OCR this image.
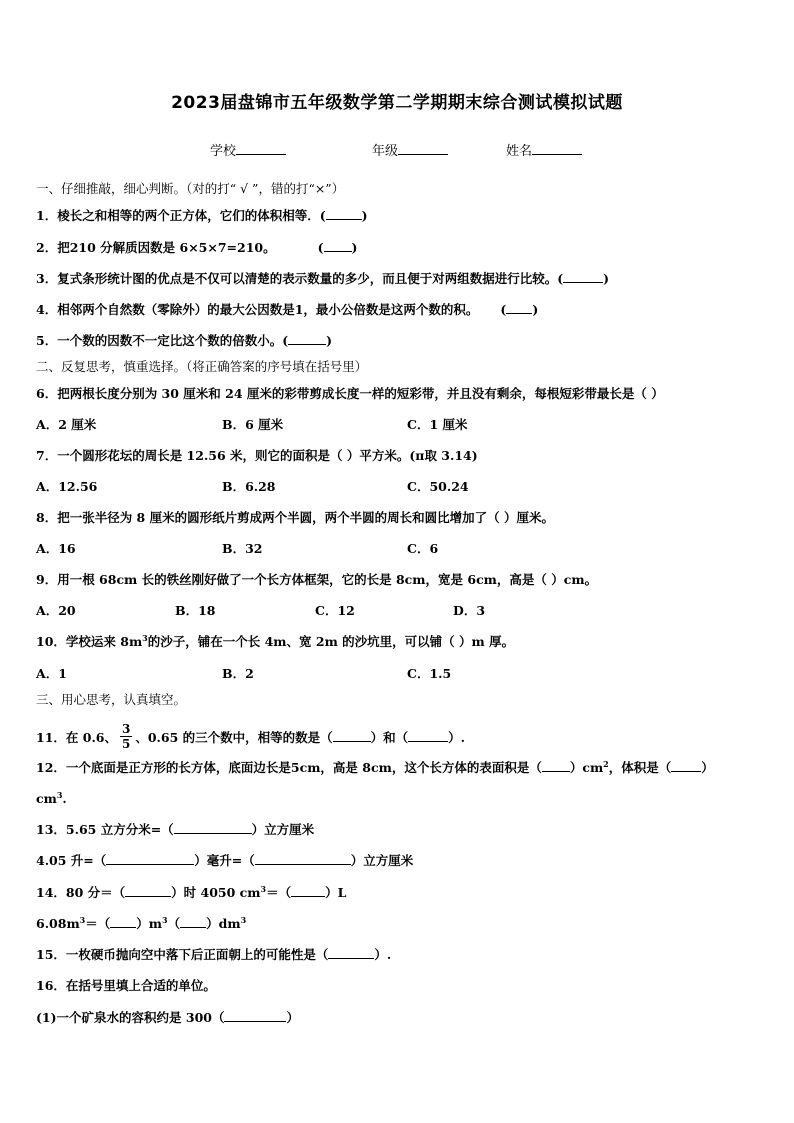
2023届盘锦市五年级数学第二学期期末综合测试模拟试题
学校	年级	姓名
一、仔细推敲，细心判断。（对的打“ √ ”，错的打“×”）
1．棱长之和相等的两个正方体，它们的体积相等．(	)
2．把210 分解质因数是 6×5×7=210。	( )
3．复式条形统计图的优点是不仅可以清楚的表示数量的多少，而且便于对两组数据进行比较。(	)
4．相邻两个自然数（零除外）的最大公因数是1，最小公倍数是这两个数的积。 ( )
5．一个数的因数不一定比这个数的倍数小。(	)
二、反复思考，慎重选择。（将正确答案的序号填在括号里）
6．把两根长度分别为 30 厘米和 24 厘米的彩带剪成长度一样的短彩带，并且没有剩余，每根短彩带最长是（ ）
A．2 厘米	B．6 厘米	C．1 厘米
7．一个圆形花坛的周长是 12.56 米，则它的面积是（ ）平方米。(π取 3.14)
A．12.56	B．6.28	C．50.24
8．把一张半径为 8 厘米的圆形纸片剪成两个半圆，两个半圆的周长和圆比增加了（ ）厘米。
A．16	B．32	C．6
9．用一根 68cm 长的铁丝刚好做了一个长方体框架，它的长是 8cm，宽是 6cm，高是（ ）cm。
A．20	B．18	C．12	D．3
10．学校运来 $8m^3$的沙子，铺在一个长 4m、宽 2m 的沙坑里，可以铺（ ）m 厚。
A．1	B．2	C．1.5
三、用心思考，认真填空。
11．在 0.6、 $\frac{3}{5}$ 、0.65 的三个数中，相等的数是（	）和（	）.
12．一个底面是正方形的长方体，底面边长是5cm，高是 8cm，这个长方体的表面积是（ ）$cm^2$，体积是（ ）
$cm^3$.
13．5.65 立方分米=（	）立方厘米
4.05 升=（	）毫升=（	）立方厘米
14．80 分＝（	）时 4050 $cm^3=$（	）L
$6.08m^3=$（ ）$m^3$（ ）$dm^3$
15．一枚硬币抛向空中落下后正面朝上的可能性是（	）.
16．在括号里填上合适的单位。
(1)一个矿泉水的容积约是 300（	）
